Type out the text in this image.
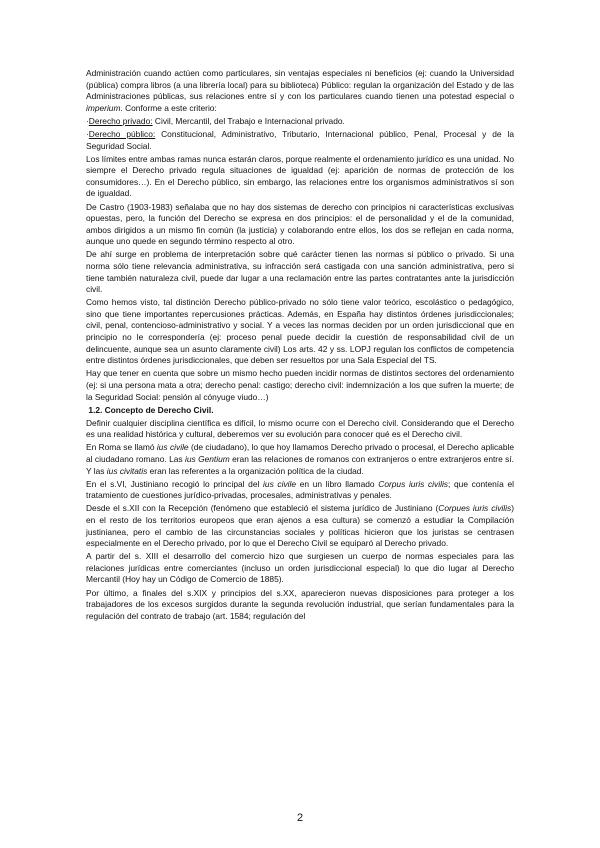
Administración cuando actúen como particulares, sin ventajas especiales ni beneficios (ej: cuando la Universidad (pública) compra libros (a una librería local) para su biblioteca) Público: regulan la organización del Estado y de las Administraciones públicas, sus relaciones entre sí y con los particulares cuando tienen una potestad especial o imperium. Conforme a este criterio:

·Derecho privado: Civil, Mercantil, del Trabajo e Internacional privado.

·Derecho público: Constitucional, Administrativo, Tributario, Internacional público, Penal, Procesal y de la Seguridad Social.

Los límites entre ambas ramas nunca estarán claros, porque realmente el ordenamiento jurídico es una unidad. No siempre el Derecho privado regula situaciones de igualdad (ej: aparición de normas de protección de los consumidores…). En el Derecho público, sin embargo, las relaciones entre los organismos administrativos sí son de igualdad.

De Castro (1903-1983) señalaba que no hay dos sistemas de derecho con principios ni características exclusivas opuestas, pero, la función del Derecho se expresa en dos principios: el de personalidad y el de la comunidad, ambos dirigidos a un mismo fin común (la justicia) y colaborando entre ellos, los dos se reflejan en cada norma, aunque uno quede en segundo término respecto al otro.

De ahí surge en problema de interpretación sobre qué carácter tienen las normas si público o privado. Si una norma sólo tiene relevancia administrativa, su infracción será castigada con una sanción administrativa, pero si tiene también naturaleza civil, puede dar lugar a una reclamación entre las partes contratantes ante la jurisdicción civil.

Como hemos visto, tal distinción Derecho público-privado no sólo tiene valor teórico, escolástico o pedagógico, sino que tiene importantes repercusiones prácticas. Además, en España hay distintos órdenes jurisdiccionales; civil, penal, contencioso-administrativo y social. Y a veces las normas deciden por un orden jurisdiccional que en principio no le correspondería (ej: proceso penal puede decidir la cuestión de responsabilidad civil de un delincuente, aunque sea un asunto claramente civil) Los arts. 42 y ss. LOPJ regulan los conflictos de competencia entre distintos órdenes jurisdiccionales, que deben ser resueltos por una Sala Especial del TS.

Hay que tener en cuenta que sobre un mismo hecho pueden incidir normas de distintos sectores del ordenamiento (ej: si una persona mata a otra; derecho penal: castigo; derecho civil: indemnización a los que sufren la muerte; de la Seguridad Social: pensión al cónyuge viudo…)

1.2. Concepto de Derecho Civil.

Definir cualquier disciplina científica es difícil, lo mismo ocurre con el Derecho civil. Considerando que el Derecho es una realidad histórica y cultural, deberemos ver su evolución para conocer qué es el Derecho civil.

En Roma se llamó ius civile (de ciudadano), lo que hoy llamamos Derecho privado o procesal, el Derecho aplicable al ciudadano romano. Las ius Gentium eran las relaciones de romanos con extranjeros o entre extranjeros entre sí. Y las ius civitatis eran las referentes a la organización política de la ciudad.

En el s.VI, Justiniano recogió lo principal del ius civile en un libro llamado Corpus iuris civilis; que contenía el tratamiento de cuestiones jurídico-privadas, procesales, administrativas y penales.

Desde el s.XII con la Recepción (fenómeno que estableció el sistema jurídico de Justiniano (Corpues iuris civilis) en el resto de los territorios europeos que eran ajenos a esa cultura) se comenzó a estudiar la Compilación justinianea, pero el cambio de las circunstancias sociales y políticas hicieron que los juristas se centrasen especialmente en el Derecho privado, por lo que el Derecho Civil se equiparó al Derecho privado.

A partir del s. XIII el desarrollo del comercio hizo que surgiesen un cuerpo de normas especiales para las relaciones jurídicas entre comerciantes (incluso un orden jurisdiccional especial) lo que dio lugar al Derecho Mercantil (Hoy hay un Código de Comercio de 1885).

Por último, a finales del s.XIX y principios del s.XX, aparecieron nuevas disposiciones para proteger a los trabajadores de los excesos surgidos durante la segunda revolución industrial, que serían fundamentales para la regulación del contrato de trabajo (art. 1584; regulación del

2
